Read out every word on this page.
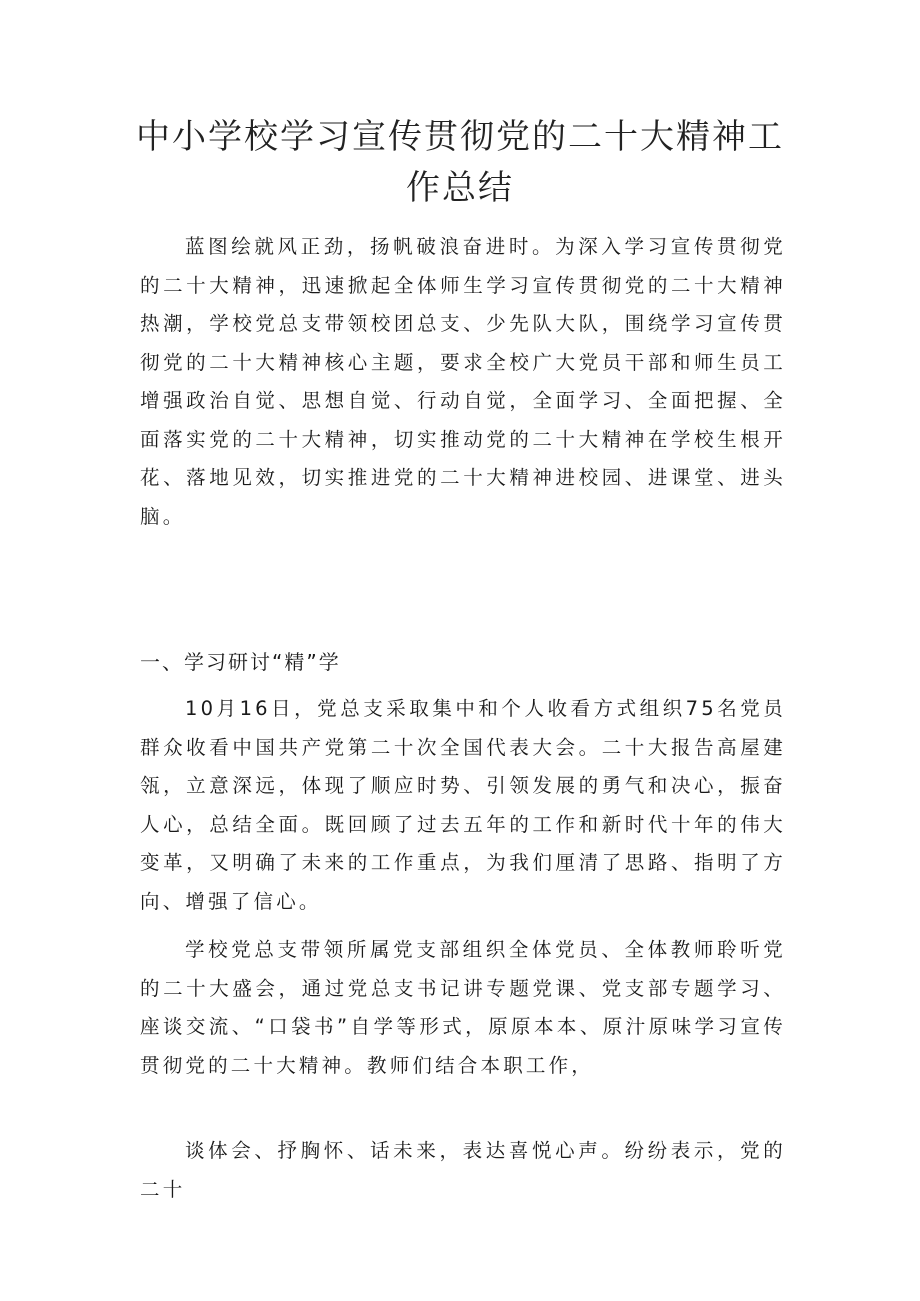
中小学校学习宣传贯彻党的二十大精神工作总结

蓝图绘就风正劲，扬帆破浪奋进时。为深入学习宣传贯彻党的二十大精神，迅速掀起全体师生学习宣传贯彻党的二十大精神热潮，学校党总支带领校团总支、少先队大队，围绕学习宣传贯彻党的二十大精神核心主题，要求全校广大党员干部和师生员工增强政治自觉、思想自觉、行动自觉，全面学习、全面把握、全面落实党的二十大精神，切实推动党的二十大精神在学校生根开花、落地见效，切实推进党的二十大精神进校园、进课堂、进头脑。

一、学习研讨“精”学

10月16日，党总支采取集中和个人收看方式组织75名党员群众收看中国共产党第二十次全国代表大会。二十大报告高屋建瓴，立意深远，体现了顺应时势、引领发展的勇气和决心，振奋人心，总结全面。既回顾了过去五年的工作和新时代十年的伟大变革，又明确了未来的工作重点，为我们厘清了思路、指明了方向、增强了信心。

学校党总支带领所属党支部组织全体党员、全体教师聆听党的二十大盛会，通过党总支书记讲专题党课、党支部专题学习、座谈交流、“口袋书”自学等形式，原原本本、原汁原味学习宣传贯彻党的二十大精神。教师们结合本职工作，

谈体会、抒胸怀、话未来，表达喜悦心声。纷纷表示，党的二十
